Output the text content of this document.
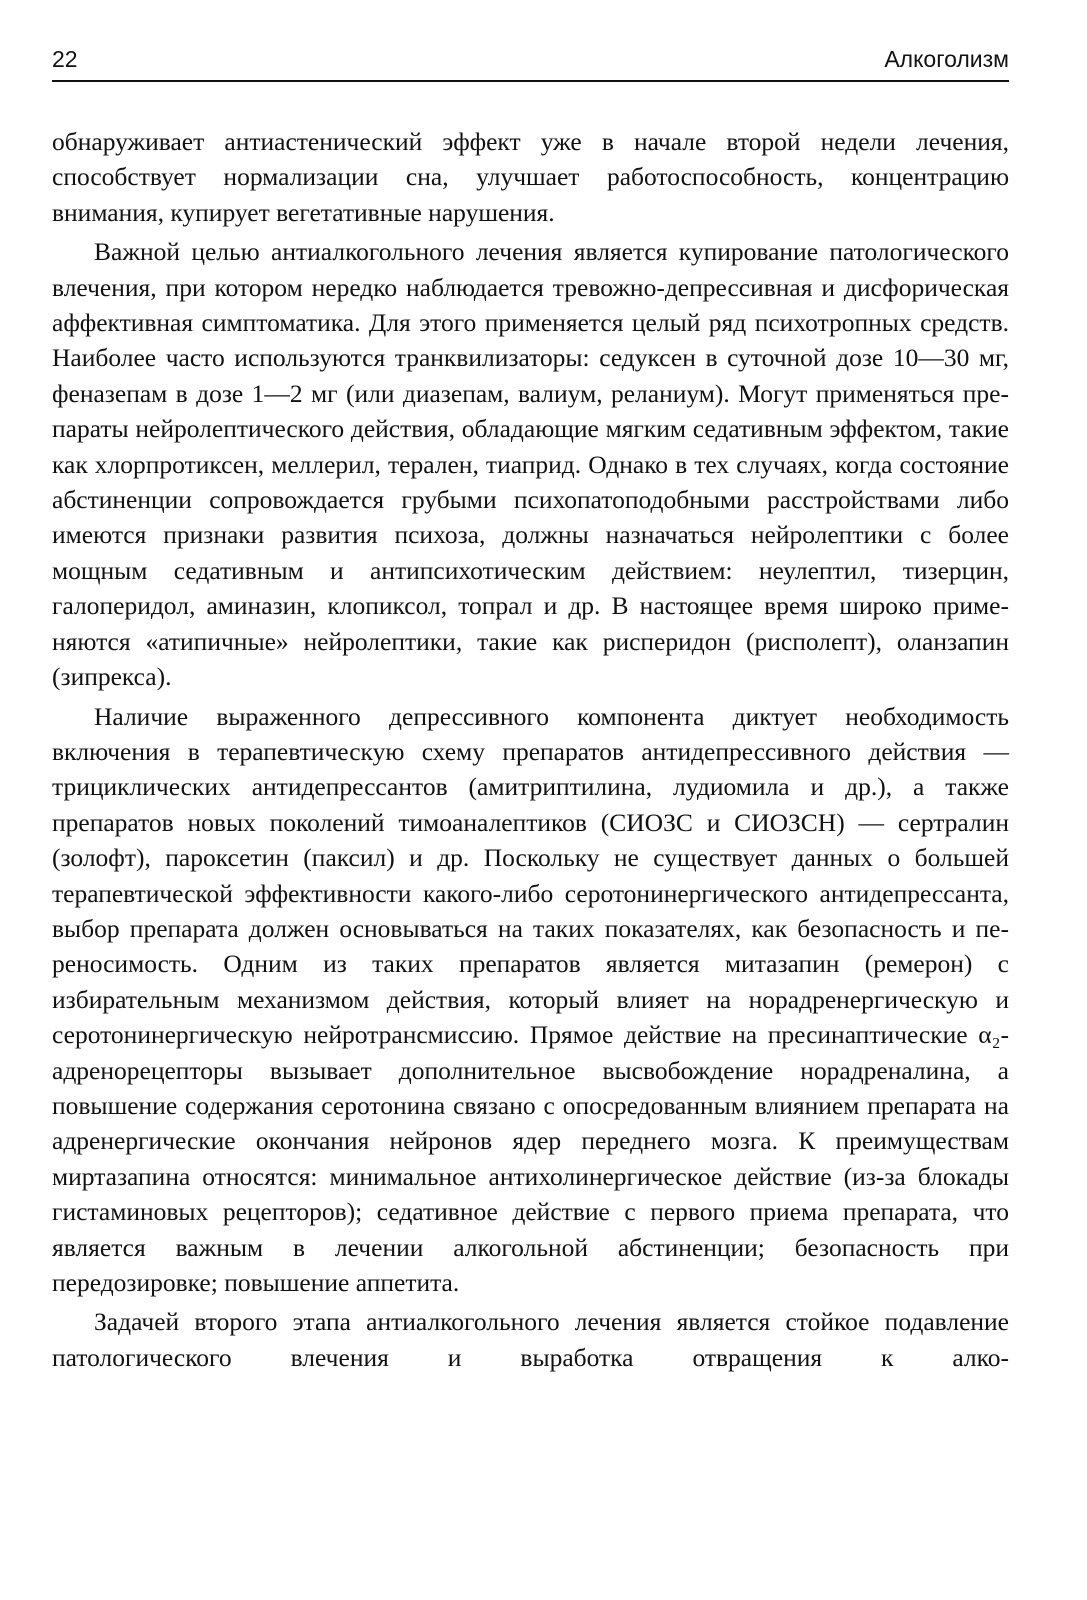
22	Алкоголизм

обнаруживает антиастенический эффект уже в начале второй недели лечения, способствует нормализации сна, улучшает работоспособность, концентрацию внимания, купирует вегетативные нарушения.

Важной целью антиалкогольного лечения является купирование патологического влечения, при котором нередко наблюдается тревожно-депрессивная и дисфорическая аффективная симптоматика. Для этого применяется целый ряд психотропных средств. Наиболее часто используются транквилизаторы: седуксен в суточной дозе 10—30 мг, феназепам в дозе 1—2 мг (или диазепам, валиум, реланиум). Могут применяться препараты нейролептического действия, обладающие мягким седативным эффектом, такие как хлорпротиксен, меллерил, терален, тиаприд. Однако в тех случаях, когда состояние абстиненции сопровождается грубыми психопатоподобными расстройствами либо имеются признаки развития психоза, должны назначаться нейролептики с более мощным седативным и антипсихотическим действием: неулептил, тизерцин, галоперидол, аминазин, клопиксол, топрал и др. В настоящее время широко применяются «атипичные» нейролептики, такие как рисперидон (рисполепт), оланзапин (зипрекса).

Наличие выраженного депрессивного компонента диктует необходимость включения в терапевтическую схему препаратов антидепрессивного действия — трициклических антидепрессантов (амитриптилина, лудиомила и др.), а также препаратов новых поколений тимоаналептиков (СИОЗС и СИОЗСН) — сертралин (золофт), пароксетин (паксил) и др. Поскольку не существует данных о большей терапевтической эффективности какого-либо серотонинергического антидепрессанта, выбор препарата должен основываться на таких показателях, как безопасность и переносимость. Одним из таких препаратов является митазапин (ремерон) с избирательным механизмом действия, который влияет на норадренергическую и серотонинергическую нейротрансмиссию. Прямое действие на пресинаптические α₂-адренорецепторы вызывает дополнительное высвобождение норадреналина, а повышение содержания серотонина связано с опосредованным влиянием препарата на адренергические окончания нейронов ядер переднего мозга. К преимуществам миртазапина относятся: минимальное антихолинергическое действие (из-за блокады гистаминовых рецепторов); седативное действие с первого приема препарата, что является важным в лечении алкогольной абстиненции; безопасность при передозировке; повышение аппетита.

Задачей второго этапа антиалкогольного лечения является стойкое подавление патологического влечения и выработка отвращения к алко-
